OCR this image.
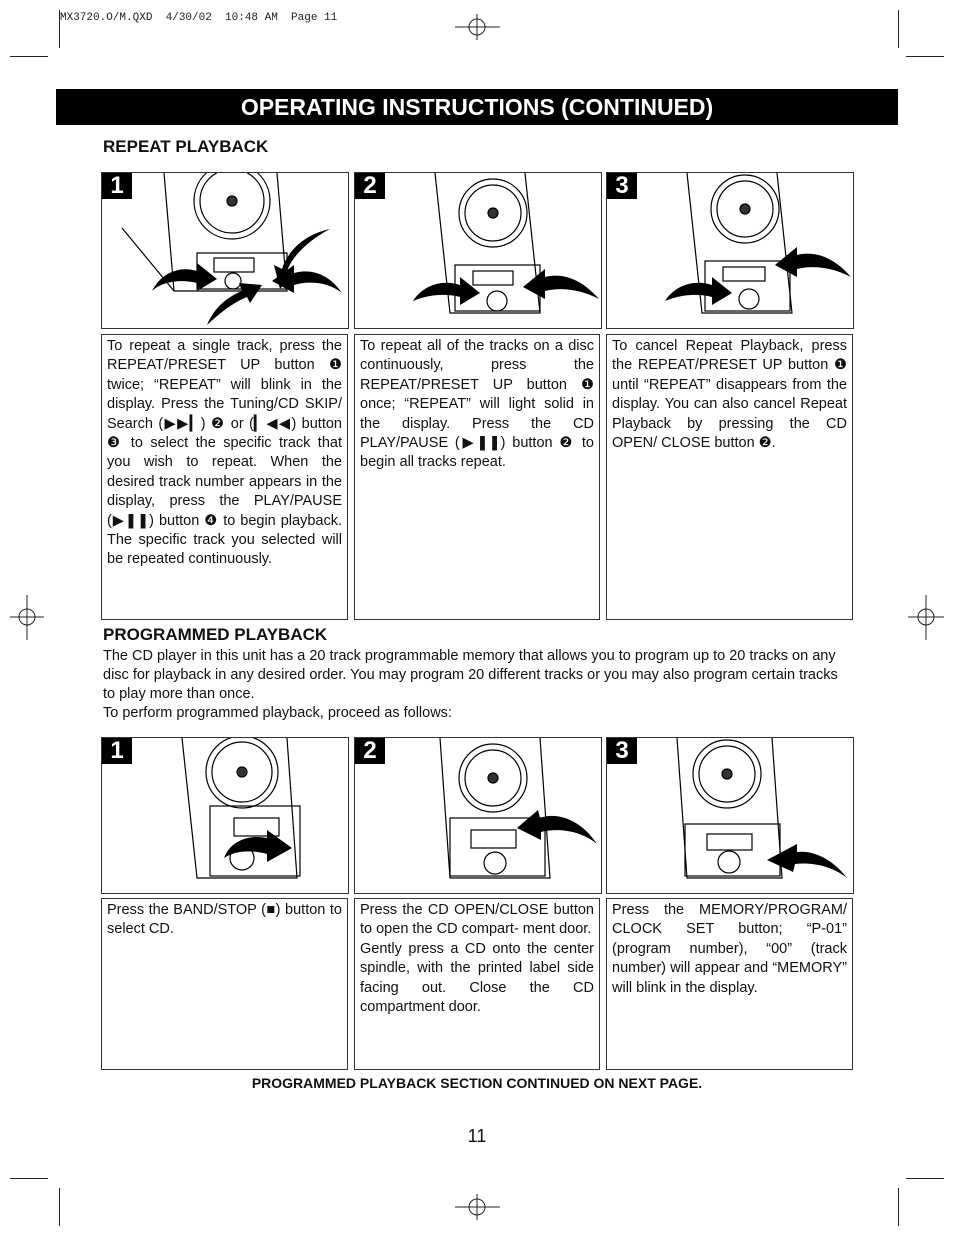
MX3720.O/M.QXD  4/30/02  10:48 AM  Page 11
OPERATING INSTRUCTIONS (CONTINUED)
REPEAT PLAYBACK
1	2	3
To repeat a single track, press the REPEAT/PRESET UP button ❶ twice; “REPEAT” will blink in the display. Press the Tuning/CD SKIP/ Search (▶▶▎) ❷ or (▎◀◀) button ❸ to select the specific track that you wish to repeat. When the desired track number appears in the display, press the PLAY/PAUSE (▶❚❚) button ❹ to begin playback. The specific track you selected will be repeated continuously.
To repeat all of the tracks on a disc continuously, press the REPEAT/PRESET UP button ❶ once; “REPEAT” will light solid in the display. Press the CD PLAY/PAUSE (▶❚❚) button ❷ to begin all tracks repeat.
To cancel Repeat Playback, press the REPEAT/PRESET UP button ❶ until “REPEAT” disappears from the display. You can also cancel Repeat Playback by pressing the CD OPEN/ CLOSE button ❷.
PROGRAMMED PLAYBACK
The CD player in this unit has a 20 track programmable memory that allows you to program up to 20 tracks on any disc for playback in any desired order. You may program 20 different tracks or you may also program certain tracks to play more than once.
To perform programmed playback, proceed as follows:
1	2	3
Press the BAND/STOP (■) button to select CD.
Press the CD OPEN/CLOSE button to open the CD compart- ment door.
Gently press a CD onto the center spindle, with the printed label side facing out. Close the CD compartment door.
Press the MEMORY/PROGRAM/ CLOCK SET button; “P-01” (program number), “00” (track number) will appear and “MEMORY” will blink in the display.
PROGRAMMED PLAYBACK SECTION CONTINUED ON NEXT PAGE.
11
